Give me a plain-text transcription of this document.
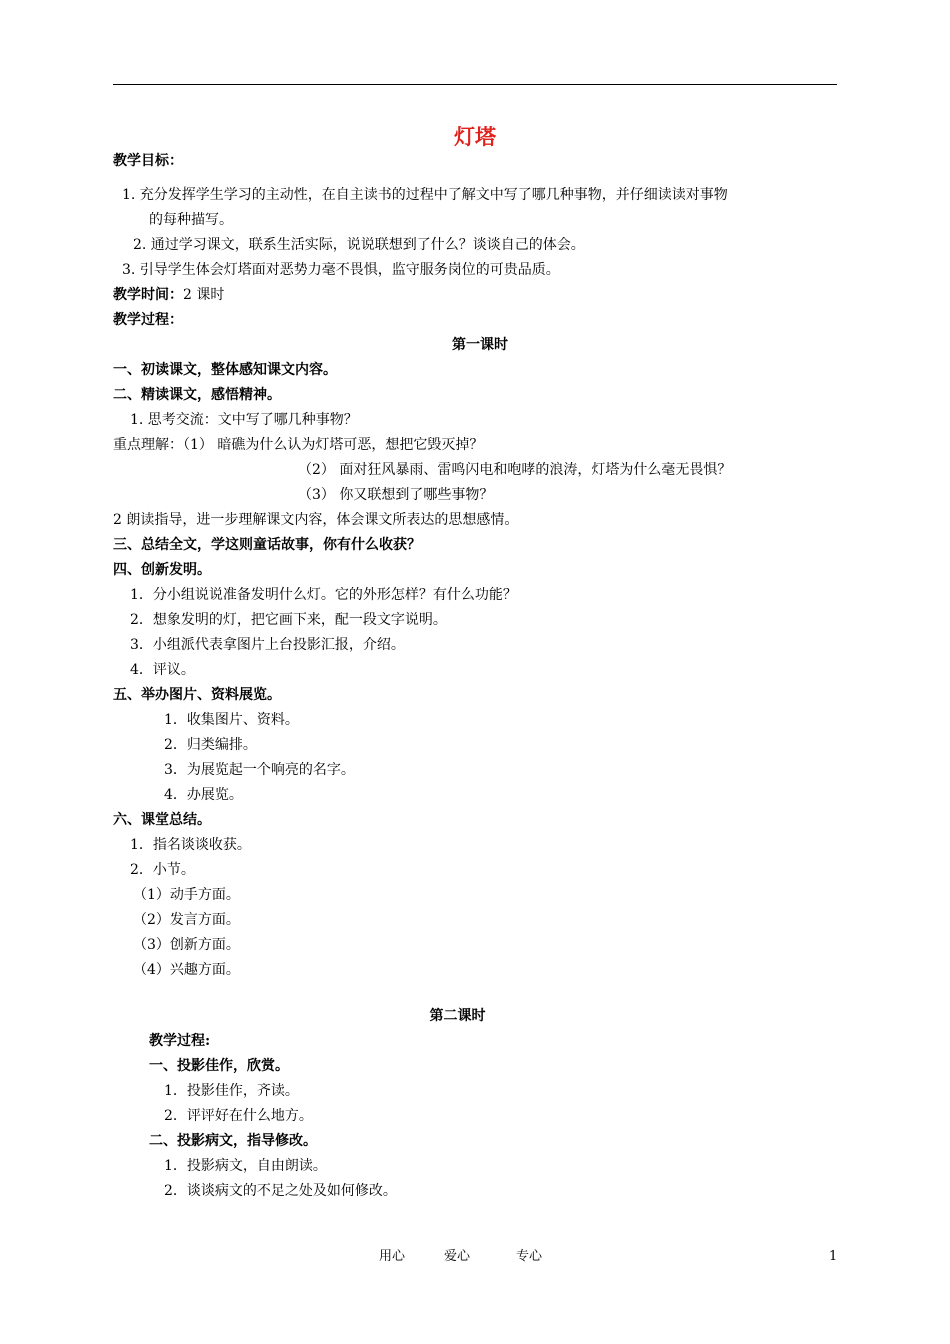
灯塔
教学目标：
1. 充分发挥学生学习的主动性，在自主读书的过程中了解文中写了哪几种事物，并仔细读读对事物
的每种描写。
2. 通过学习课文，联系生活实际，说说联想到了什么？谈谈自己的体会。
3. 引导学生体会灯塔面对恶势力毫不畏惧，监守服务岗位的可贵品质。
教学时间：2 课时
教学过程：
第一课时
一、初读课文，整体感知课文内容。
二、精读课文，感悟精神。
1. 思考交流：文中写了哪几种事物？
重点理解：（1） 暗礁为什么认为灯塔可恶，想把它毁灭掉？
（2） 面对狂风暴雨、雷鸣闪电和咆哮的浪涛，灯塔为什么毫无畏惧？
（3） 你又联想到了哪些事物？
2 朗读指导，进一步理解课文内容，体会课文所表达的思想感情。
三、总结全文，学这则童话故事，你有什么收获？
四、创新发明。
1．分小组说说准备发明什么灯。它的外形怎样？有什么功能？
2．想象发明的灯，把它画下来，配一段文字说明。
3．小组派代表拿图片上台投影汇报，介绍。
4．评议。
五、举办图片、资料展览。
1．收集图片、资料。
2．归类编排。
3．为展览起一个响亮的名字。
4．办展览。
六、课堂总结。
1．指名谈谈收获。
2．小节。
（1）动手方面。
（2）发言方面。
（3）创新方面。
（4）兴趣方面。
第二课时
教学过程:
一、投影佳作，欣赏。
1．投影佳作，齐读。
2．评评好在什么地方。
二、投影病文，指导修改。
1．投影病文，自由朗读。
2．谈谈病文的不足之处及如何修改。
用心	爱心	专心	1
